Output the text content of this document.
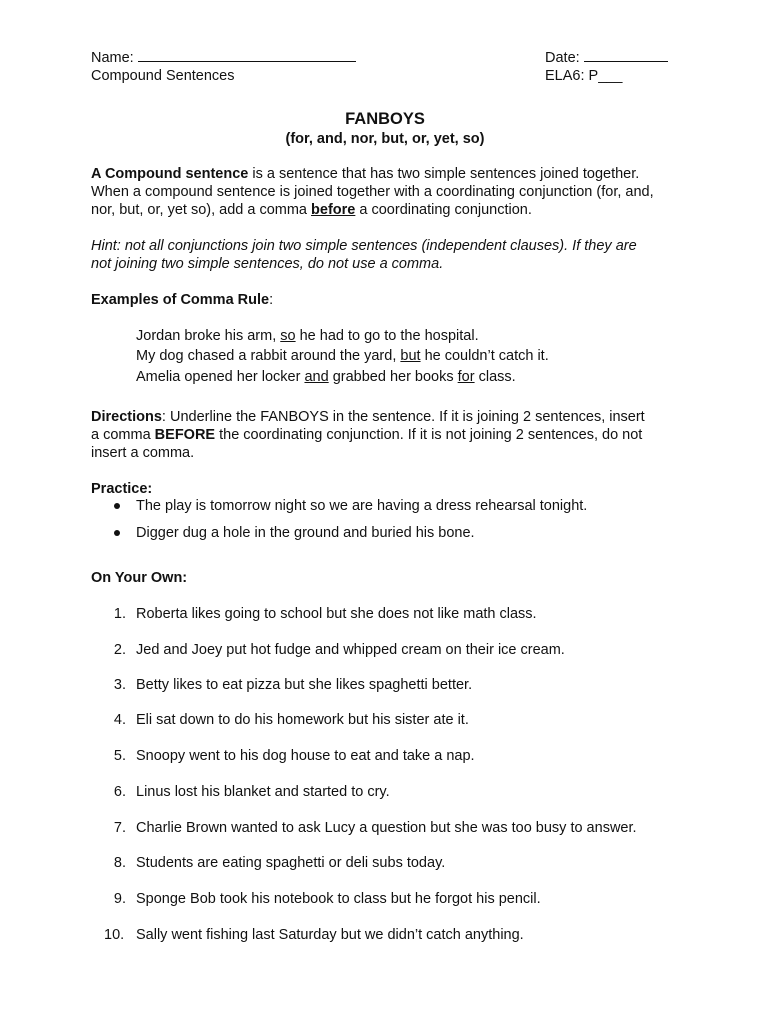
Name:	Date:
Compound Sentences	ELA6: P___
FANBOYS
(for, and, nor, but, or, yet, so)

A Compound sentence is a sentence that has two simple sentences joined together.

When a compound sentence is joined together with a coordinating conjunction (for, and,

nor, but, or, yet so), add a comma before a coordinating conjunction.

Hint: not all conjunctions join two simple sentences (independent clauses). If they are

not joining two simple sentences, do not use a comma.

Examples of Comma Rule:
Jordan broke his arm, so he had to go to the hospital.
My dog chased a rabbit around the yard, but he couldn’t catch it.
Amelia opened her locker and grabbed her books for class.

Directions: Underline the FANBOYS in the sentence. If it is joining 2 sentences, insert

a comma BEFORE the coordinating conjunction. If it is not joining 2 sentences, do not

insert a comma.

Practice:
The play is tomorrow night so we are having a dress rehearsal tonight.
Digger dug a hole in the ground and buried his bone.
On Your Own:
1. Roberta likes going to school but she does not like math class.
2. Jed and Joey put hot fudge and whipped cream on their ice cream.
3. Betty likes to eat pizza but she likes spaghetti better.
4. Eli sat down to do his homework but his sister ate it.
5. Snoopy went to his dog house to eat and take a nap.
6. Linus lost his blanket and started to cry.
7. Charlie Brown wanted to ask Lucy a question but she was too busy to answer.
8. Students are eating spaghetti or deli subs today.
9. Sponge Bob took his notebook to class but he forgot his pencil.
10. Sally went fishing last Saturday but we didn’t catch anything.
